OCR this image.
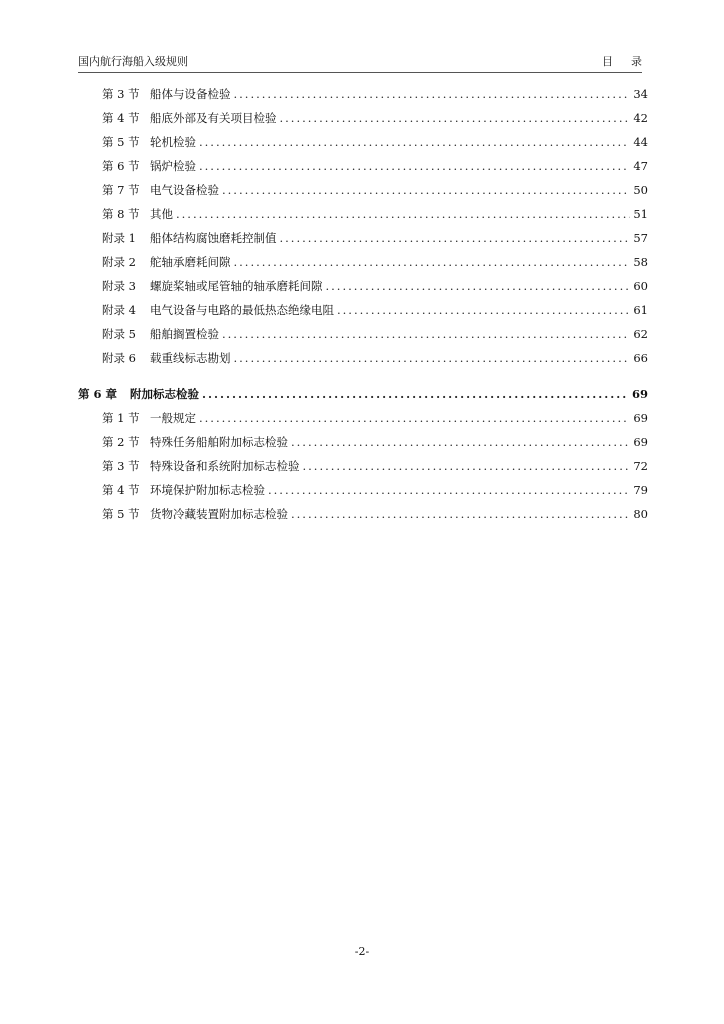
国内航行海船入级规则	目录
第 3 节 船体与设备检验 .....	34
第 4 节 船底外部及有关项目检验 .....	42
第 5 节 轮机检验 .....	44
第 6 节 锅炉检验 .....	47
第 7 节 电气设备检验 .....	50
第 8 节 其他 .....	51
附录 1	船体结构腐蚀磨耗控制值 .....	57
附录 2	舵轴承磨耗间隙 .....	58
附录 3	螺旋桨轴或尾管轴的轴承磨耗间隙 .....	60
附录 4	电气设备与电路的最低热态绝缘电阻 .....	61
附录 5	船舶搁置检验 .....	62
附录 6	载重线标志勘划 .....	66
第 6 章	附加标志检验 .....	69
第 1 节 一般规定 .....	69
第 2 节 特殊任务船舶附加标志检验 .....	69
第 3 节 特殊设备和系统附加标志检验 .....	72
第 4 节 环境保护附加标志检验 .....	79
第 5 节 货物冷藏装置附加标志检验 .....	80
-2-
